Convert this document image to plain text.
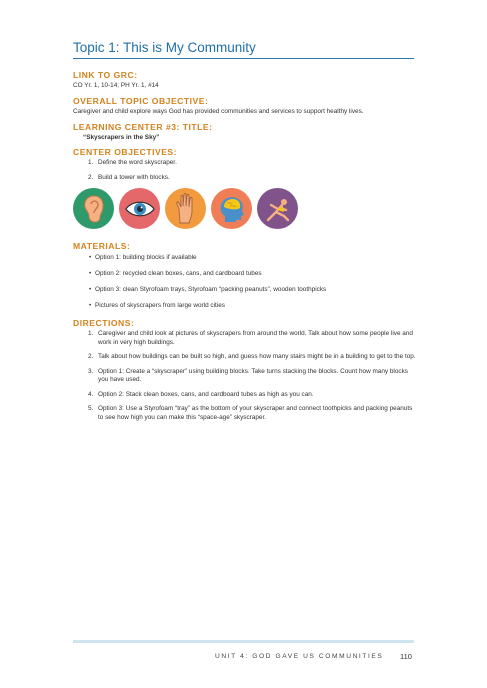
Topic 1: This is My Community
LINK TO GRC:
CO Yr. 1, 10-14; PH Yr. 1, #14
OVERALL TOPIC OBJECTIVE:
Caregiver and child explore ways God has provided communities and services to support healthy lives.
LEARNING CENTER #3: TITLE:
“Skyscrapers in the Sky”
CENTER OBJECTIVES:
1. Define the word skyscraper.
2. Build a tower with blocks.
MATERIALS:
• Option 1: building blocks if available
• Option 2: recycled clean boxes, cans, and cardboard tubes
• Option 3: clean Styrofoam trays, Styrofoam “packing peanuts”, wooden toothpicks
• Pictures of skyscrapers from large world cities
DIRECTIONS:
1. Caregiver and child look at pictures of skyscrapers from around the world. Talk about how some people live and work in very high buildings.
2. Talk about how buildings can be built so high, and guess how many stairs might be in a building to get to the top.
3. Option 1: Create a “skyscraper” using building blocks. Take turns stacking the blocks. Count how many blocks you have used.
4. Option 2: Stack clean boxes, cans, and cardboard tubes as high as you can.
5. Option 3: Use a Styrofoam “tray” as the bottom of your skyscraper and connect toothpicks and packing peanuts to see how high you can make this “space-age” skyscraper.
UNIT 4: GOD GAVE US COMMUNITIES 110
